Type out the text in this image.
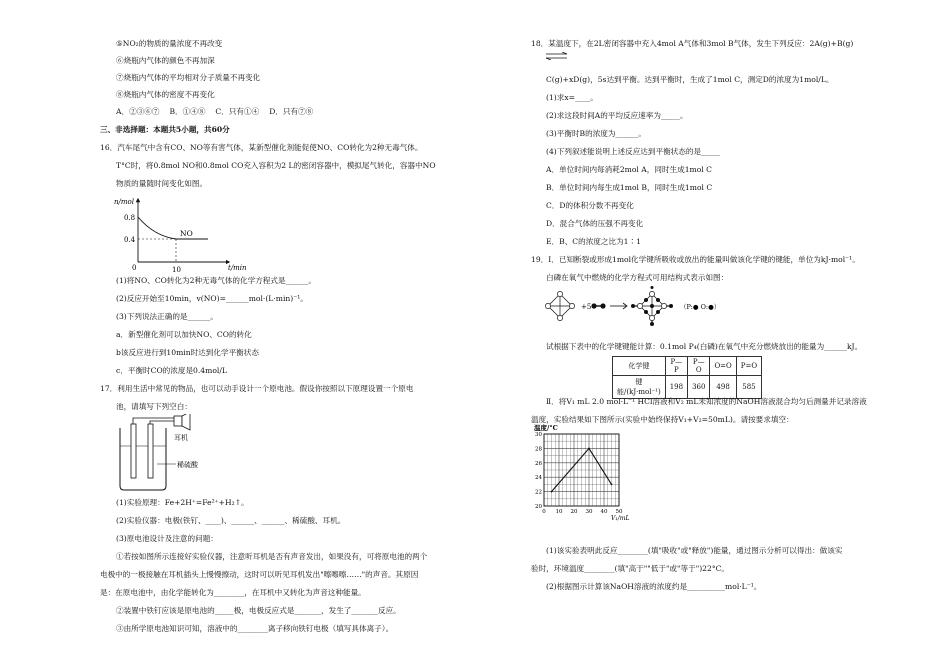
⑤NO₂的物质的量浓度不再改变
⑥烧瓶内气体的颜色不再加深
⑦烧瓶内气体的平均相对分子质量不再变化
⑧烧瓶内气体的密度不再变化
A．②③⑥⑦　 B．①④⑧　 C．只有①④　 D．只有⑦⑧
三、非选择题：本题共5小题，共60分
16．汽车尾气中含有CO、NO等有害气体，某新型催化剂能促使NO、CO转化为2种无毒气体。
T°C时，将0.8mol NO和0.8mol CO充入容积为2 L的密闭容器中，模拟尾气转化，容器中NO
物质的量随时间变化如图。
n/mol
t/min
0.8
0.4
0	10
NO
(1)将NO、CO转化为2种无毒气体的化学方程式是______。
(2)反应开始至10min，v(NO)=______mol·(L·min)⁻¹。
(3)下列说法正确的是______。
a．新型催化剂可以加快NO、CO的转化
b该反应进行到10min时达到化学平衡状态
c．平衡时CO的浓度是0.4mol/L
17．利用生活中常见的物品，也可以动手设计一个原电池。假设你按照以下原理设置一个原电
池，请填写下列空白：
耳机
稀硫酸
(1)实验原理：Fe+2H⁺=Fe²⁺+H₂↑。
(2)实验仪器：电极(铁钉、____)、______、______、稀硫酸、耳机。
(3)原电池设计及注意的问题：
①若按如图所示连接好实验仪器，注意听耳机是否有声音发出，如果没有，可将原电池的两个
电极中的一极接触在耳机插头上慢慢擦动，这时可以听见耳机发出"嚓嚓嚓……"的声音。其原因
是：在原电池中，由化学能转化为________，在耳机中又转化为声音这种能量。
②装置中铁钉应该是原电池的_____极，电极反应式是_______，发生了_______反应。
③由所学原电池知识可知，溶液中的________离子移向铁钉电极（填写具体离子）。
18．某温度下，在2L密闭容器中充入4mol A气体和3mol B气体，发生下列反应：2A(g)+B(g)
C(g)+xD(g)，5s达到平衡。达到平衡时，生成了1mol C，测定D的浓度为1mol/L。
(1)求x=____。
(2)求这段时间A的平均反应速率为_____。
(3)平衡时B的浓度为______。
(4)下列叙述能说明上述反应达到平衡状态的是_____
A．单位时间内每消耗2mol A，同时生成1mol C
B．单位时间内每生成1mol B，同时生成1mol C
C．D的体积分数不再变化
D．混合气体的压强不再变化
E．B、C的浓度之比为1∶1
19．Ⅰ．已知断裂或形成1mol化学键所吸收或放出的能量叫做该化学键的键能，单位为kJ·mol⁻¹。
白磷在氧气中燃烧的化学方程式可用结构式表示如图：
+5	（P:● O:●）
试根据下表中的化学键键能计算：0.1mol P₄(白磷)在氧气中充分燃烧放出的能量为______kJ。
化学键	P—P	P—O	O=O	P=O
键能/(kJ·mol⁻¹)	198	360	498	585
Ⅱ．将V₁ mL 2.0 mol·L⁻¹ HCl溶液和V₂ mL未知浓度的NaOH溶液混合均匀后测量并记录溶液
温度，实验结果如下图所示(实验中始终保持V₁+V₂=50mL)。请按要求填空：
20
22
24
26
28
30
0 10 20 30 40 50
温度/°C
V₁/mL
(1)该实验表明此反应________(填"吸收"或"释放")能量，通过图示分析可以得出：做该实
验时，环境温度________(填"高于""低于"或"等于")22°C。
(2)根据图示计算该NaOH溶液的浓度约是__________mol·L⁻¹。
